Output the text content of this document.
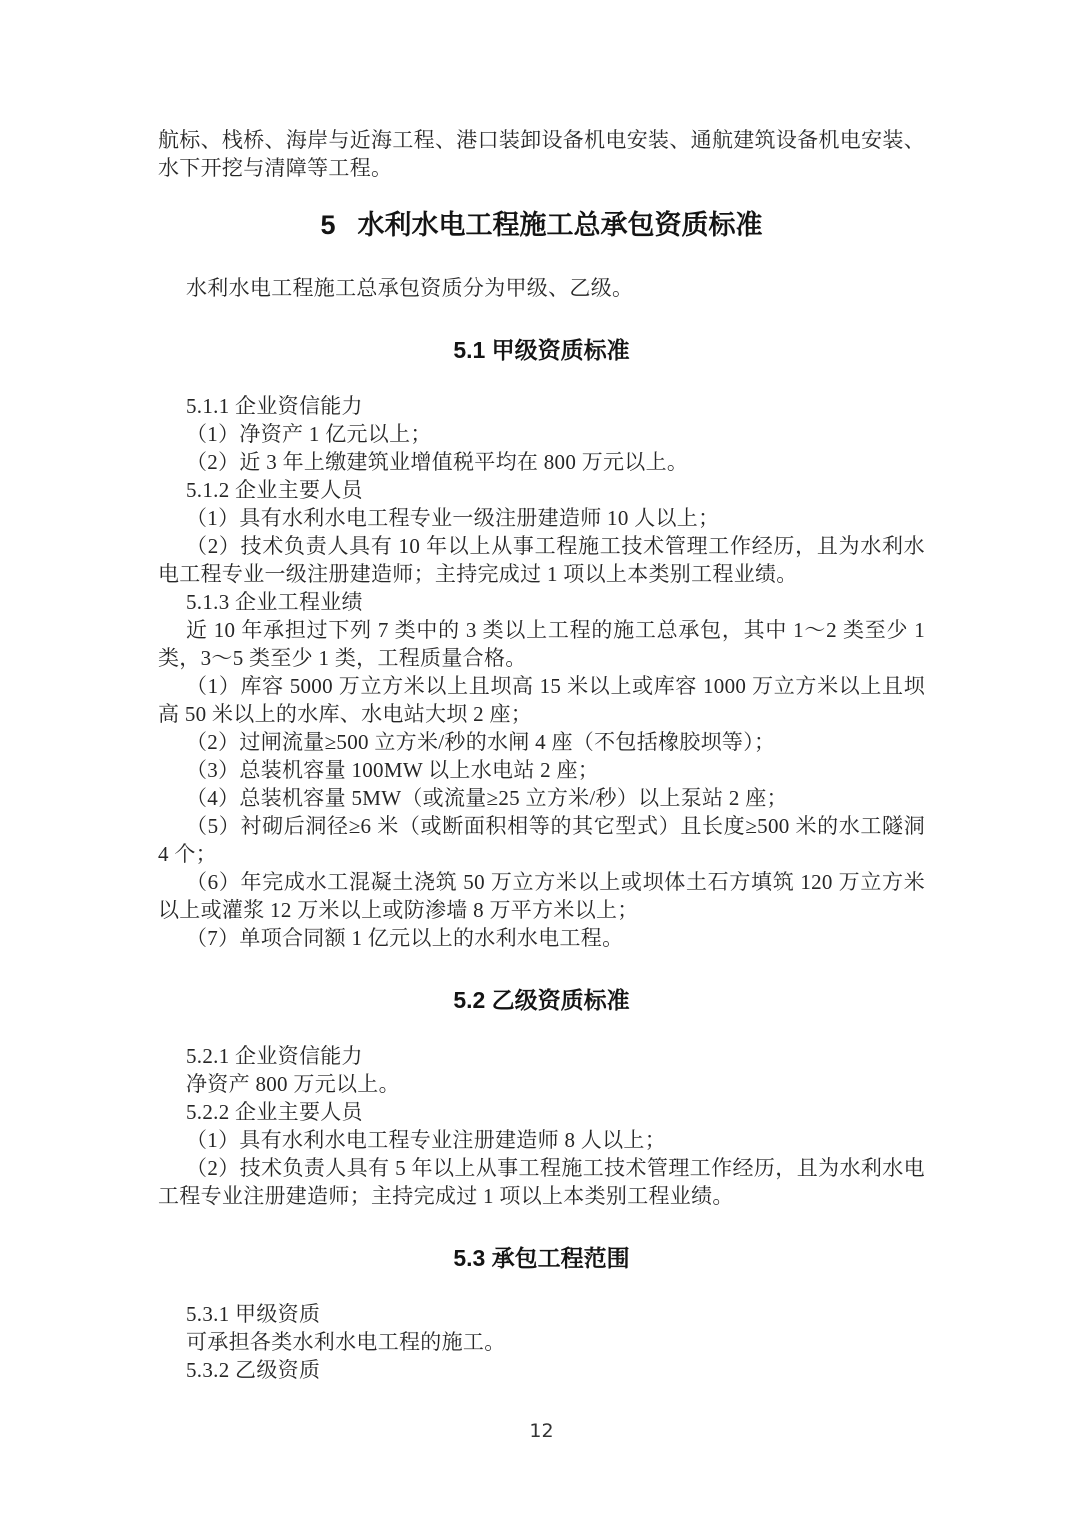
航标、栈桥、海岸与近海工程、港口装卸设备机电安装、通航建筑设备机电安装、水下开挖与清障等工程。

5 水利水电工程施工总承包资质标准

水利水电工程施工总承包资质分为甲级、乙级。

5.1 甲级资质标准

5.1.1 企业资信能力

（1）净资产 1 亿元以上；

（2）近 3 年上缴建筑业增值税平均在 800 万元以上。

5.1.2 企业主要人员

（1）具有水利水电工程专业一级注册建造师 10 人以上；

（2）技术负责人具有 10 年以上从事工程施工技术管理工作经历，且为水利水电工程专业一级注册建造师；主持完成过 1 项以上本类别工程业绩。

5.1.3 企业工程业绩

近 10 年承担过下列 7 类中的 3 类以上工程的施工总承包，其中 1～2 类至少 1 类，3～5 类至少 1 类，工程质量合格。

（1）库容 5000 万立方米以上且坝高 15 米以上或库容 1000 万立方米以上且坝高 50 米以上的水库、水电站大坝 2 座；

（2）过闸流量≥500 立方米/秒的水闸 4 座（不包括橡胶坝等）；

（3）总装机容量 100MW 以上水电站 2 座；

（4）总装机容量 5MW（或流量≥25 立方米/秒）以上泵站 2 座；

（5）衬砌后洞径≥6 米（或断面积相等的其它型式）且长度≥500 米的水工隧洞 4 个；

（6）年完成水工混凝土浇筑 50 万立方米以上或坝体土石方填筑 120 万立方米以上或灌浆 12 万米以上或防渗墙 8 万平方米以上；

（7）单项合同额 1 亿元以上的水利水电工程。

5.2 乙级资质标准

5.2.1 企业资信能力

净资产 800 万元以上。

5.2.2 企业主要人员

（1）具有水利水电工程专业注册建造师 8 人以上；

（2）技术负责人具有 5 年以上从事工程施工技术管理工作经历，且为水利水电工程专业注册建造师；主持完成过 1 项以上本类别工程业绩。

5.3 承包工程范围

5.3.1 甲级资质

可承担各类水利水电工程的施工。

5.3.2 乙级资质

12
